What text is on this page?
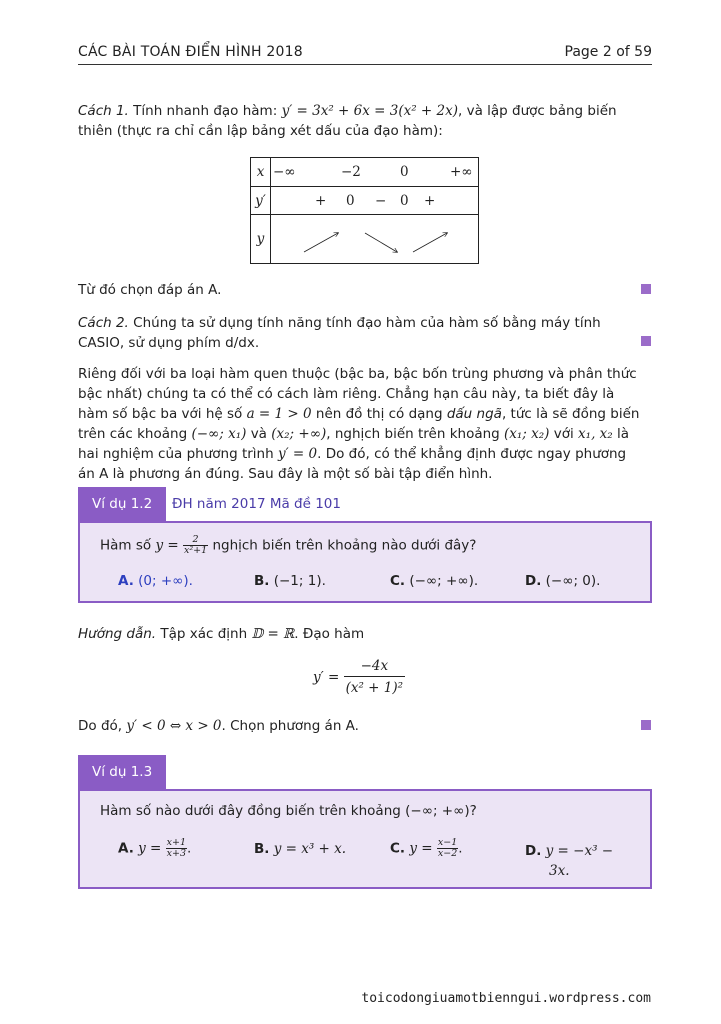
CÁC BÀI TOÁN ĐIỂN HÌNH 2018	Page 2 of 59
Cách 1. Tính nhanh đạo hàm: y′ = 3x² + 6x = 3(x² + 2x), và lập được bảng biến
thiên (thực ra chỉ cần lập bảng xét dấu của đạo hàm):
x	−∞ −2 0 +∞

y′	+ 0 − 0 +

y	
Từ đó chọn đáp án A.
Cách 2. Chúng ta sử dụng tính năng tính đạo hàm của hàm số bằng máy tính
CASIO, sử dụng phím d/dx.
Riêng đối với ba loại hàm quen thuộc (bậc ba, bậc bốn trùng phương và phân thức
bậc nhất) chúng ta có thể có cách làm riêng. Chẳng hạn câu này, ta biết đây là
hàm số bậc ba với hệ số a = 1 > 0 nên đồ thị có dạng dấu ngã, tức là sẽ đồng biến
trên các khoảng (−∞; x₁) và (x₂; +∞), nghịch biến trên khoảng (x₁; x₂) với x₁, x₂ là
hai nghiệm của phương trình y′ = 0. Do đó, có thể khẳng định được ngay phương
án A là phương án đúng. Sau đây là một số bài tập điển hình.
Ví dụ 1.2	ĐH năm 2017 Mã đề 101
Hàm số $y = \frac{2}{\text{x²+1}}$ nghịch biến trên khoảng nào dưới đây?
A. (0; +∞).	B. (−1; 1).	C. (−∞; +∞).	D. (−∞; 0).
Hướng dẫn. Tập xác định 𝔻 = ℝ. Đạo hàm
$y' = \frac{-4x}{\text{(x² + 1)²}}$
Do đó, y′ < 0 ⇔ x > 0. Chọn phương án A.
Ví dụ 1.3
Hàm số nào dưới đây đồng biến trên khoảng (−∞; +∞)?
A. $y = \frac{x+1}{x+3}$ .	B. y = x³ + x.	C. $y = \frac{x-1}{x-2}$ .	D. y = −x³ −
3x.
toicodongiuamotbienngui.wordpress.com
